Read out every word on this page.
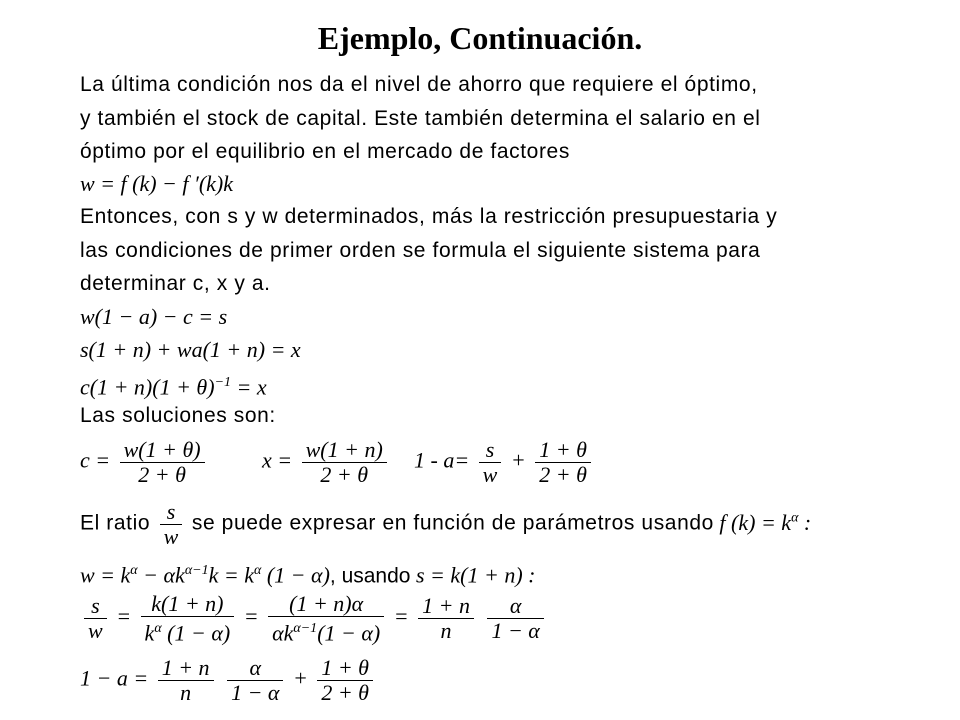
Ejemplo, Continuación.
La última condición nos da el nivel de ahorro que requiere el óptimo,
y también el stock de capital. Este también determina el salario en el
óptimo por el equilibrio en el mercado de factores
w = f (k) − f ′(k)k
Entonces, con s y w determinados, más la restricción presupuestaria y
las condiciones de primer orden se formula el siguiente sistema para
determinar c, x y a.
w(1 − a) − c = s
s(1 + n) + wa(1 + n) = x
$c(1 + n)(1 + \theta)^{-1} = x$
Las soluciones son:
$c = \frac{w(1 + \theta)}{2 + \theta}$	$x = \frac{w(1 + n)}{2 + \theta} 1 - a= \frac{s}{w} + \frac{1 + \theta}{2 + \theta}$
El ratio $\frac{s}{w}$ se puede expresar en función de parámetros usando f $(k) = k^\alpha$ :
$w = k^\alpha - \alpha k^{\alpha-1}k = k^\alpha$ (1 − α), usando s = k(1 + n) :
$\frac{s}{w} = \frac{k(1 + n)}{k^\alpha (1 - \alpha)} = \frac{(1 + n)\alpha}{\alpha k^{\alpha-1}(1 - \alpha)} = \frac{1 + n}{n}$
$\frac{\alpha}{1 - \alpha}$
$1 - a = \frac{1 + n}{n}$
$\frac{\alpha}{1 - \alpha} + \frac{1 + \theta}{2 + \theta}$
